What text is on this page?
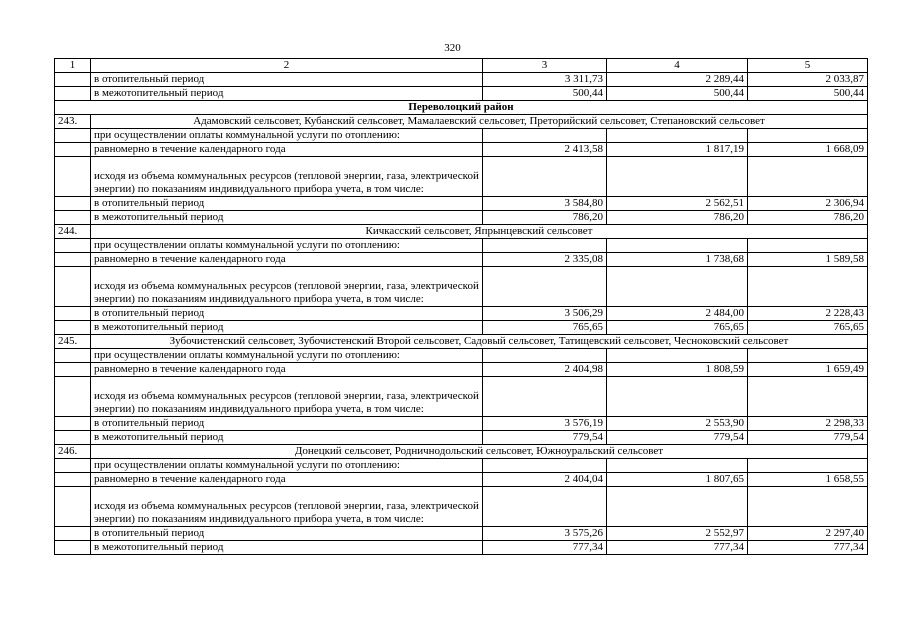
320
1	2	3	4	5
	в отопительный период	3 311,73	2 289,44	2 033,87
	в межотопительный период	500,44	500,44	500,44
Переволоцкий район				
243.	Адамовский сельсовет, Кубанский сельсовет, Мамалаевский сельсовет, Преторийский сельсовет, Степановский сельсовет			
	при осуществлении оплаты коммунальной услуги по отоплению:			
	равномерно в течение календарного года	2 413,58	1 817,19	1 668,09
	исходя из объема коммунальных ресурсов (тепловой энергии, газа, электрической энергии) по показаниям индивидуального прибора учета, в том числе:			
	в отопительный период	3 584,80	2 562,51	2 306,94
	в межотопительный период	786,20	786,20	786,20
244.	Кичкасский сельсовет, Япрынцевский сельсовет			
	при осуществлении оплаты коммунальной услуги по отоплению:			
	равномерно в течение календарного года	2 335,08	1 738,68	1 589,58
	исходя из объема коммунальных ресурсов (тепловой энергии, газа, электрической энергии) по показаниям индивидуального прибора учета, в том числе:			
	в отопительный период	3 506,29	2 484,00	2 228,43
	в межотопительный период	765,65	765,65	765,65
245.	Зубочистенский сельсовет, Зубочистенский Второй сельсовет, Садовый сельсовет, Татищевский сельсовет, Чесноковский сельсовет			
	при осуществлении оплаты коммунальной услуги по отоплению:			
	равномерно в течение календарного года	2 404,98	1 808,59	1 659,49
	исходя из объема коммунальных ресурсов (тепловой энергии, газа, электрической энергии) по показаниям индивидуального прибора учета, в том числе:			
	в отопительный период	3 576,19	2 553,90	2 298,33
	в межотопительный период	779,54	779,54	779,54
246.	Донецкий сельсовет, Родничнодольский сельсовет, Южноуральский сельсовет			
	при осуществлении оплаты коммунальной услуги по отоплению:			
	равномерно в течение календарного года	2 404,04	1 807,65	1 658,55
	исходя из объема коммунальных ресурсов (тепловой энергии, газа, электрической энергии) по показаниям индивидуального прибора учета, в том числе:			
	в отопительный период	3 575,26	2 552,97	2 297,40
	в межотопительный период	777,34	777,34	777,34
